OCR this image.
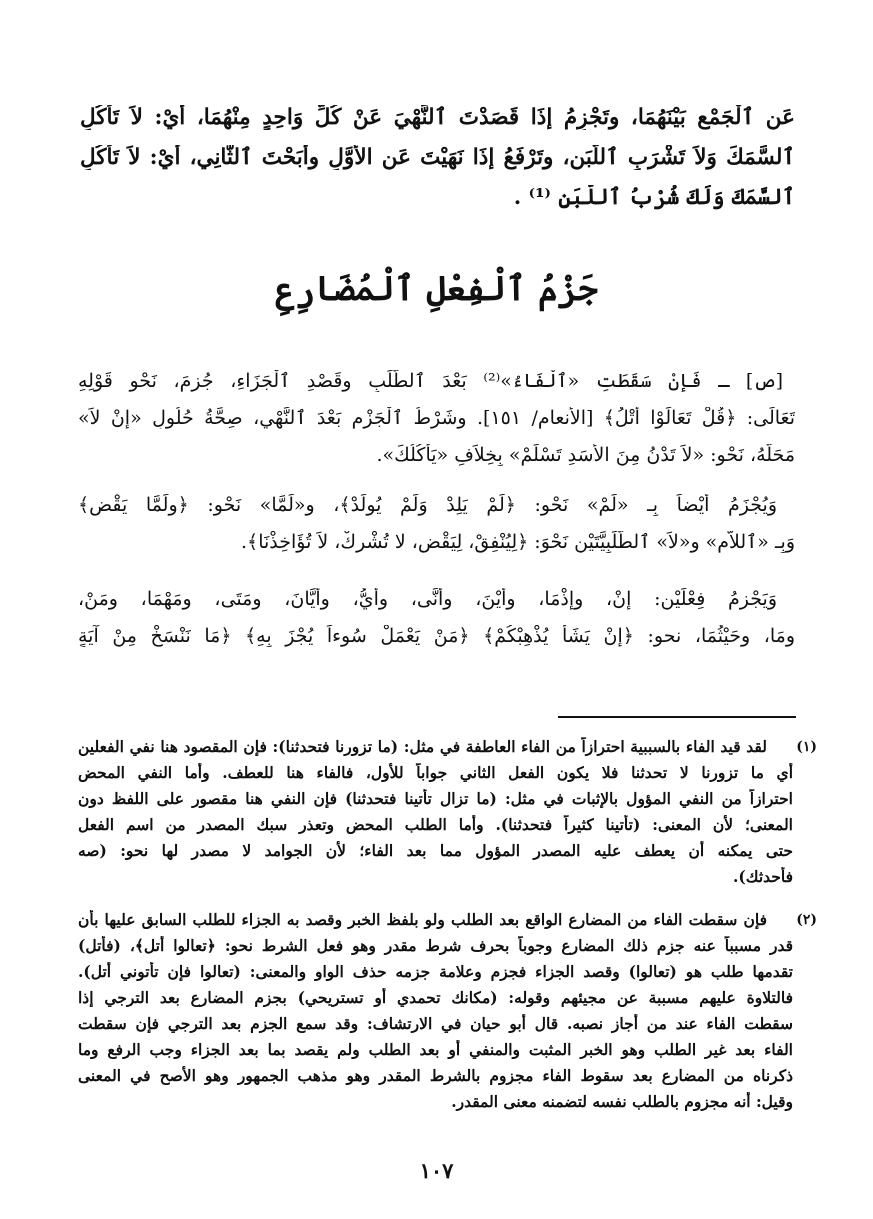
عَنِ ٱلْجَمْعِ بَيْنَهُمَا، وتَجْزِمُ إِذَا قَصَدْتَ ٱلنَّهْيَ عَنْ كُلِّ وَاحِدٍ مِنْهُمَا، أيْ: لاَ تَأْكُلِ
ٱلسَّمَكَ وَلاَ تَشْرَبِ ٱللَّبَنِ، وتَرْفَعُ إِذَا نَهَيْتَ عَنِ الأَوَّلِ وأَبَحْتَ ٱلثَّانِي، أيْ: لاَ تَأْكُلِ
ٱلسَّمَكَ وَلَكَ شُرْبُ ٱللَّبَنِ ⁽¹⁾ .
جَزْمُ ٱلْفِعْلِ ٱلْمُضَارِعِ
[ص] ـ فَإِنْ سَقَطَتِ «ٱلْفَاءُ»⁽²⁾ بَعْدَ ٱلطَّلَبِ وقَصْدِ ٱلْجَزَاءِ، جُزِمَ، نَحْو قَوْلِهِ
تَعَالَى: ﴿قُلْ تَعَالَوْا أَتْلُ﴾ [الأنعام/ ١٥١]. وشَرْطُ ٱلْجَزْمِ بَعْدَ ٱلنَّهْيِ، صِحَّةُ حُلُولِ «إِنْ لاَ»
مَحَلَّهُ، نَحْو: «لاَ تَدْنُ مِنَ الأَسَدِ تَسْلَمْ» بِخِلاَفِ «يَأْكُلُكَ».
وَيُجْزَمُ أيْضاً بِـ «لَمْ» نَحْو: ﴿لَمْ يَلِدْ وَلَمْ يُولَدْ﴾، و«لَمَّا» نَحْو: ﴿ولَمَّا يَقْضِ﴾
وَبِـ «ٱللاَّمِ» و«لاَ» ٱلطَّلَبِيَّتَيْنِ نَحْوَ: ﴿لِيُنْفِقْ، لِيَقْضِ، لا تُشْرِكْ، لاَ تُؤَاخِذْنَا﴾.
وَيَجْزِمُ فِعْلَيْنِ: إِنْ، وإِذْمَا، وأَيْنَ، وأَنَّى، وأَيُّ، وأَيَّانَ، ومَتَى، ومَهْمَا، ومَنْ،
ومَا، وحَيْثُمَا، نحو: ﴿إِنْ يَشَأْ يُذْهِبْكُمْ﴾ ﴿مَنْ يَعْمَلْ سُوءاً يُجْزَ بِهِ﴾ ﴿مَا نَنْسَخْ مِنْ آيَةٍ
(١)
لقد قيد الفاء بالسببية احترازاً من الفاء العاطفة في مثل: (ما تزورنا فتحدثنا): فإن المقصود هنا نفي الفعلين
أي ما تزورنا لا تحدثنا فلا يكون الفعل الثاني جواباً للأول، فالفاء هنا للعطف. وأما النفي المحض
احترازاً من النفي المؤول بالإثبات في مثل: (ما تزال تأتينا فتحدثنا) فإن النفي هنا مقصور على اللفظ دون
المعنى؛ لأن المعنى: (تأتينا كثيراً فتحدثنا). وأما الطلب المحض وتعذر سبك المصدر من اسم الفعل
حتى يمكنه أن يعطف عليه المصدر المؤول مما بعد الفاء؛ لأن الجوامد لا مصدر لها نحو: (صه
فأحدثك).
(٢)
فإن سقطت الفاء من المضارع الواقع بعد الطلب ولو بلفظ الخبر وقصد به الجزاء للطلب السابق عليها بأن
قدر مسبباً عنه جزم ذلك المضارع وجوباً بحرف شرط مقدر وهو فعل الشرط نحو: ﴿تعالوا أتل﴾، (فأتل)
تقدمها طلب هو (تعالوا) وقصد الجزاء فجزم وعلامة جزمه حذف الواو والمعنى: (تعالوا فإن تأتوني أتل).
فالتلاوة عليهم مسببة عن مجيئهم وقوله: (مكانك تحمدي أو تستريحي) بجزم المضارع بعد الترجي إذا
سقطت الفاء عند من أجاز نصبه. قال أبو حيان في الارتشاف: وقد سمع الجزم بعد الترجي فإن سقطت
الفاء بعد غير الطلب وهو الخبر المثبت والمنفي أو بعد الطلب ولم يقصد بما بعد الجزاء وجب الرفع وما
ذكرناه من المضارع بعد سقوط الفاء مجزوم بالشرط المقدر وهو مذهب الجمهور وهو الأصح في المعنى
وقيل: أنه مجزوم بالطلب نفسه لتضمنه معنى المقدر.
١٠٧
